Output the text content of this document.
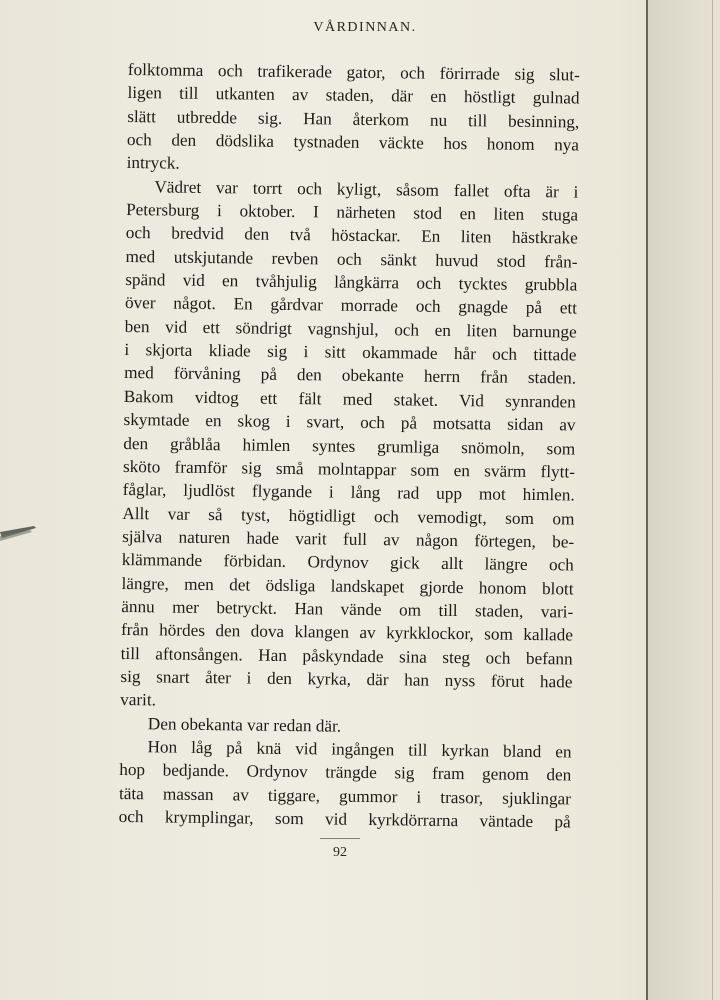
VÅRDINNAN.
folktomma och trafikerade gator, och förirrade sig slut-
ligen till utkanten av staden, där en höstligt gulnad
slätt utbredde sig. Han återkom nu till besinning,
och den dödslika tystnaden väckte hos honom nya
intryck.
Vädret var torrt och kyligt, såsom fallet ofta är i
Petersburg i oktober. I närheten stod en liten stuga
och bredvid den två höstackar. En liten hästkrake
med utskjutande revben och sänkt huvud stod från-
spänd vid en tvåhjulig långkärra och tycktes grubbla
över något. En gårdvar morrade och gnagde på ett
ben vid ett söndrigt vagnshjul, och en liten barnunge
i skjorta kliade sig i sitt okammade hår och tittade
med förvåning på den obekante herrn från staden.
Bakom vidtog ett fält med staket. Vid synranden
skymtade en skog i svart, och på motsatta sidan av
den gråblåa himlen syntes grumliga snömoln, som
sköto framför sig små molntappar som en svärm flytt-
fåglar, ljudlöst flygande i lång rad upp mot himlen.
Allt var så tyst, högtidligt och vemodigt, som om
själva naturen hade varit full av någon förtegen, be-
klämmande förbidan. Ordynov gick allt längre och
längre, men det ödsliga landskapet gjorde honom blott
ännu mer betryckt. Han vände om till staden, vari-
från hördes den dova klangen av kyrkklockor, som kallade
till aftonsången. Han påskyndade sina steg och befann
sig snart åter i den kyrka, där han nyss förut hade
varit.
Den obekanta var redan där.
Hon låg på knä vid ingången till kyrkan bland en
hop bedjande. Ordynov trängde sig fram genom den
täta massan av tiggare, gummor i trasor, sjuklingar
och krymplingar, som vid kyrkdörrarna väntade på
92
